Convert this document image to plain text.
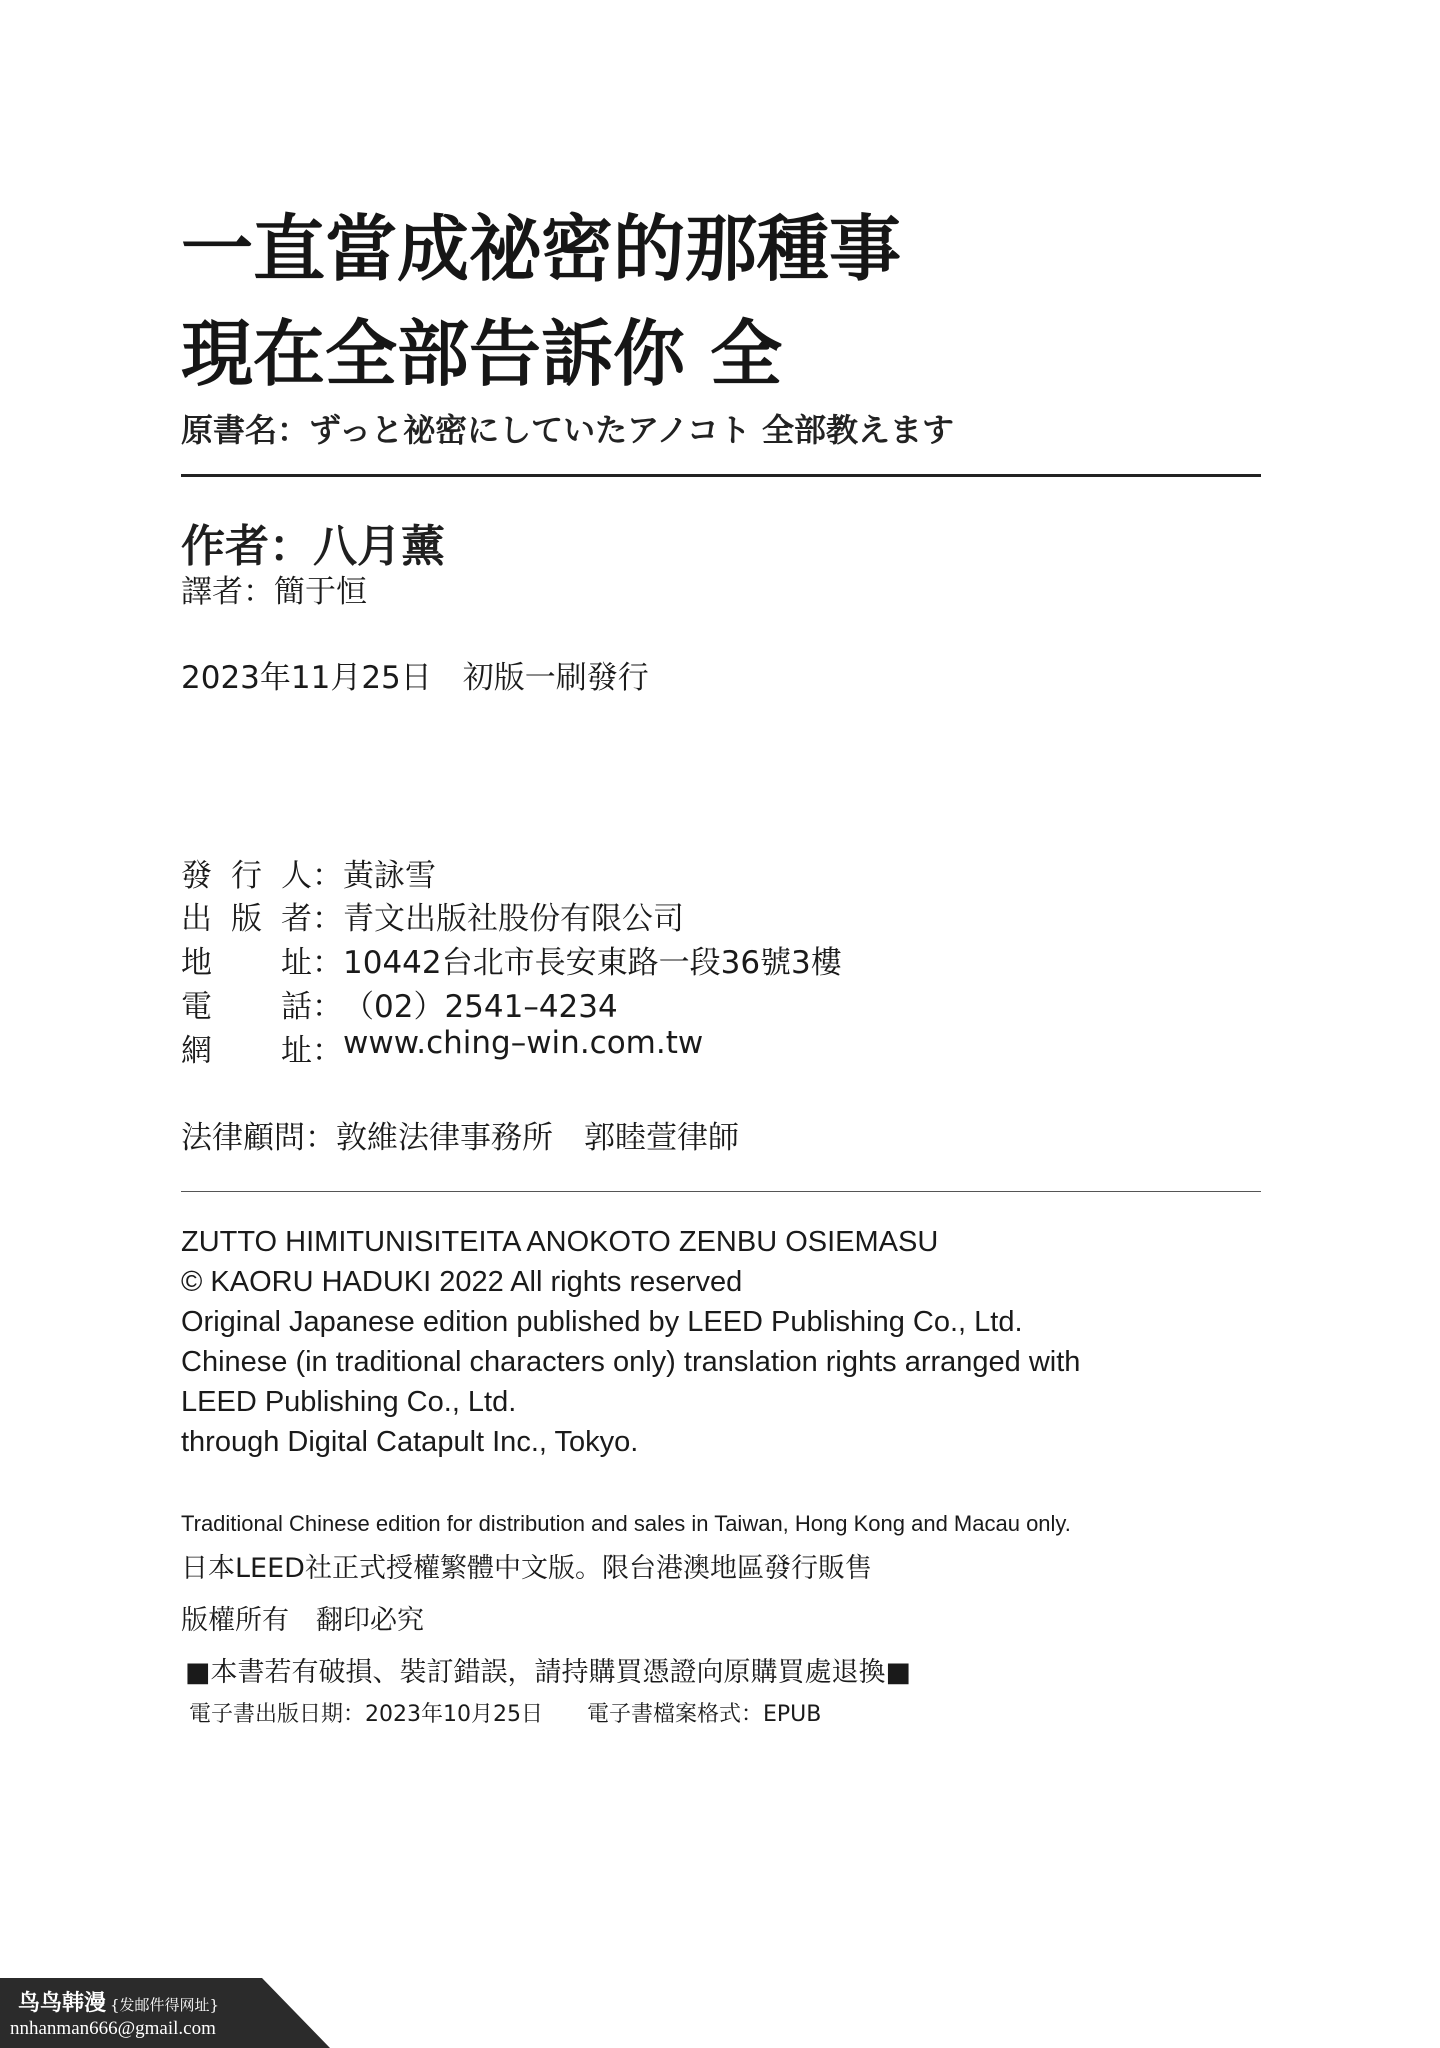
一直當成祕密的那種事
現在全部告訴你 全
原書名：ずっと祕密にしていたアノコト 全部教えます
作者：八月薰
譯者：簡于恒
2023年11月25日　初版一刷發行
發行人 ： 黃詠雪
出版者 ： 青文出版社股份有限公司
地址 ： 10442台北市長安東路一段36號3樓
電話 ： （02）2541–4234
網址 ： www.ching–win.com.tw
法律顧問：敦維法律事務所　郭睦萱律師
ZUTTO HIMITUNISITEITA ANOKOTO ZENBU OSIEMASU
© KAORU HADUKI 2022 All rights reserved
Original Japanese edition published by LEED Publishing Co., Ltd.
Chinese (in traditional characters only) translation rights arranged with
LEED Publishing Co., Ltd.
through Digital Catapult Inc., Tokyo.
Traditional Chinese edition for distribution and sales in Taiwan, Hong Kong and Macau only.
日本LEED社正式授權繁體中文版。限台港澳地區發行販售
版權所有　翻印必究
■本書若有破損、裝訂錯誤，請持購買憑證向原購買處退換■
電子書出版日期：2023年10月25日 電子書檔案格式：EPUB
鸟鸟韩漫 {发邮件得网址}
nnhanman666@gmail.com
